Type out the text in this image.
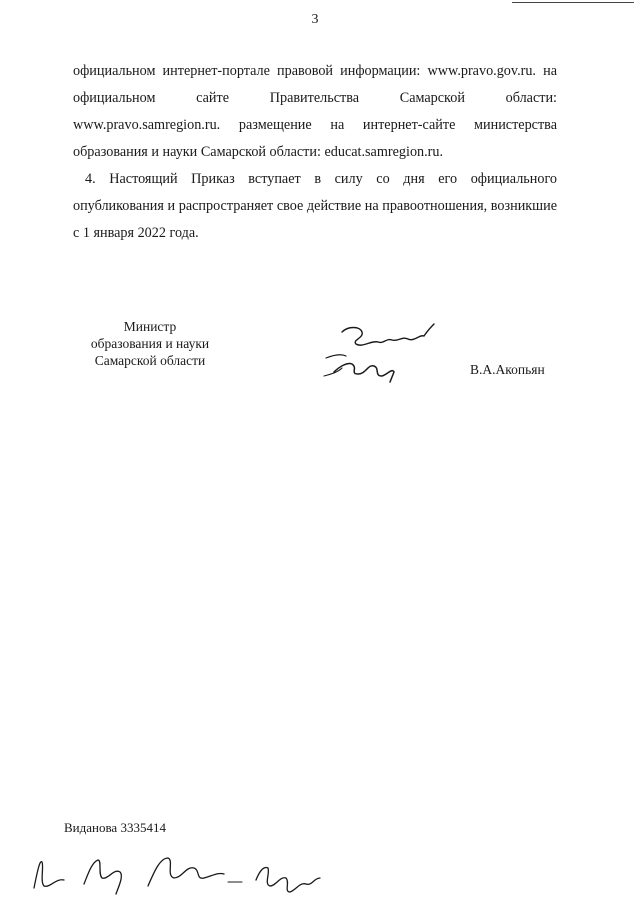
3

официальном интернет-портале правовой информации: www.pravo.gov.ru. на официальном сайте Правительства Самарской области: www.pravo.samregion.ru. размещение на интернет-сайте министерства образования и науки Самарской области: educat.samregion.ru.

4. Настоящий Приказ вступает в силу со дня его официального опубликования и распространяет свое действие на правоотношения, возникшие с 1 января 2022 года.

Министр
образования и науки
Самарской области
В.А.Акопьян
Виданова 3335414
